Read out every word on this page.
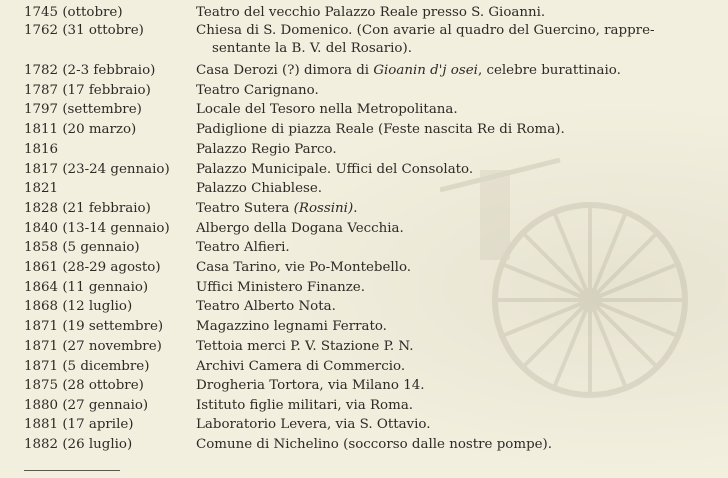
1745 (ottobre)	Teatro del vecchio Palazzo Reale presso S. Gioanni.
1762 (31 ottobre)	Chiesa di S. Domenico. (Con avarie al quadro del Guercino, rappre-
sentante la B. V. del Rosario).
1782 (2-3 febbraio)	Casa Derozi (?) dimora di Gioanin d'j osei, celebre burattinaio.
1787 (17 febbraio)	Teatro Carignano.
1797 (settembre)	Locale del Tesoro nella Metropolitana.
1811 (20 marzo)	Padiglione di piazza Reale (Feste nascita Re di Roma).
1816	Palazzo Regio Parco.
1817 (23-24 gennaio) Palazzo Municipale. Uffici del Consolato.
1821	Palazzo Chiablese.
1828 (21 febbraio)	Teatro Sutera (Rossini).
1840 (13-14 gennaio) Albergo della Dogana Vecchia.
1858 (5 gennaio)	Teatro Alfieri.
1861 (28-29 agosto)	Casa Tarino, vie Po-Montebello.
1864 (11 gennaio)	Uffici Ministero Finanze.
1868 (12 luglio)	Teatro Alberto Nota.
1871 (19 settembre) Magazzino legnami Ferrato.
1871 (27 novembre)	Tettoia merci P. V. Stazione P. N.
1871 (5 dicembre)	Archivi Camera di Commercio.
1875 (28 ottobre)	Drogheria Tortora, via Milano 14.
1880 (27 gennaio)	Istituto figlie militari, via Roma.
1881 (17 aprile)	Laboratorio Levera, via S. Ottavio.
1882 (26 luglio)	Comune di Nichelino (soccorso dalle nostre pompe).
